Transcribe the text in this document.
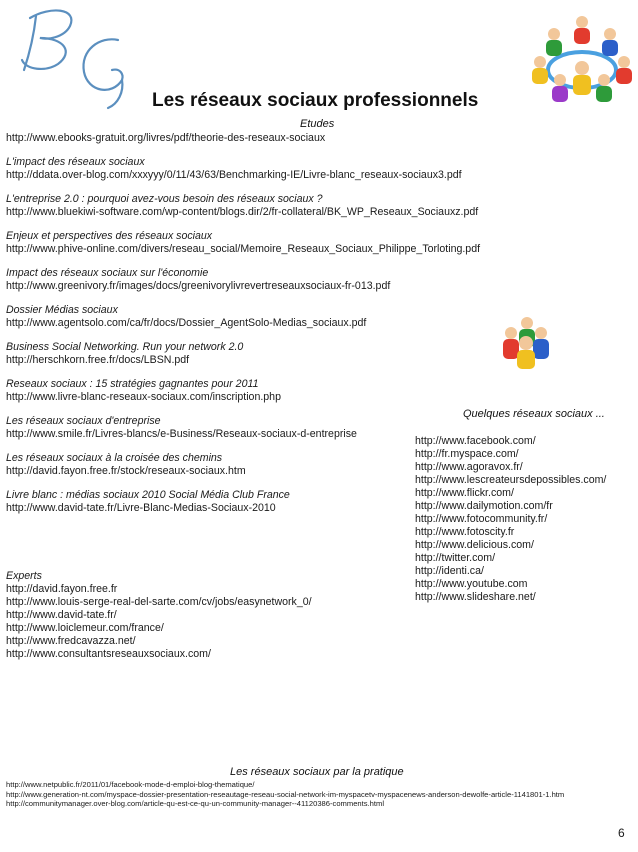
BG
Les réseaux sociaux professionnels
Etudes
http://www.ebooks-gratuit.org/livres/pdf/theorie-des-reseaux-sociaux
L'impact des réseaux sociaux
http://ddata.over-blog.com/xxxyyy/0/11/43/63/Benchmarking-IE/Livre-blanc_reseaux-sociaux3.pdf
L'entreprise 2.0 : pourquoi avez-vous besoin des réseaux sociaux ?
http://www.bluekiwi-software.com/wp-content/blogs.dir/2/fr-collateral/BK_WP_Reseaux_Sociauxz.pdf
Enjeux et perspectives des réseaux sociaux
http://www.phive-online.com/divers/reseau_social/Memoire_Reseaux_Sociaux_Philippe_Torloting.pdf
Impact des réseaux sociaux sur l'économie
http://www.greenivory.fr/images/docs/greenivorylivrevertreseauxsociaux-fr-013.pdf
Dossier Médias sociaux
http://www.agentsolo.com/ca/fr/docs/Dossier_AgentSolo-Medias_sociaux.pdf
Business Social Networking. Run your network 2.0
http://herschkorn.free.fr/docs/LBSN.pdf
Reseaux sociaux : 15 stratégies gagnantes pour 2011
http://www.livre-blanc-reseaux-sociaux.com/inscription.php
Les réseaux sociaux d'entreprise
http://www.smile.fr/Livres-blancs/e-Business/Reseaux-sociaux-d-entreprise
Les réseaux sociaux à la croisée des chemins
http://david.fayon.free.fr/stock/reseaux-sociaux.htm
Livre blanc : médias sociaux 2010 Social Média Club France
http://www.david-tate.fr/Livre-Blanc-Medias-Sociaux-2010
Experts
http://david.fayon.free.fr
http://www.louis-serge-real-del-sarte.com/cv/jobs/easynetwork_0/
http://www.david-tate.fr/
http://www.loiclemeur.com/france/
http://www.fredcavazza.net/
http://www.consultantsreseauxsociaux.com/
Quelques réseaux sociaux ...
http://www.facebook.com/
http://fr.myspace.com/
http://www.agoravox.fr/
http://www.lescreateursdepossibles.com/
http://www.flickr.com/
http://www.dailymotion.com/fr
http://www.fotocommunity.fr/
http://www.fotoscity.fr
http://www.delicious.com/
http://twitter.com/
http://identi.ca/
http://www.youtube.com
http://www.slideshare.net/
Les réseaux sociaux par la pratique
http://www.netpublic.fr/2011/01/facebook-mode-d-emploi-blog-thematique/
http://www.generation-nt.com/myspace-dossier-presentation-reseautage-reseau-social-network-im-myspacetv-myspacenews-anderson-dewolfe-article-1141801-1.htm
http://communitymanager.over-blog.com/article-qu-est-ce-qu-un-community-manager--41120386-comments.html
6
